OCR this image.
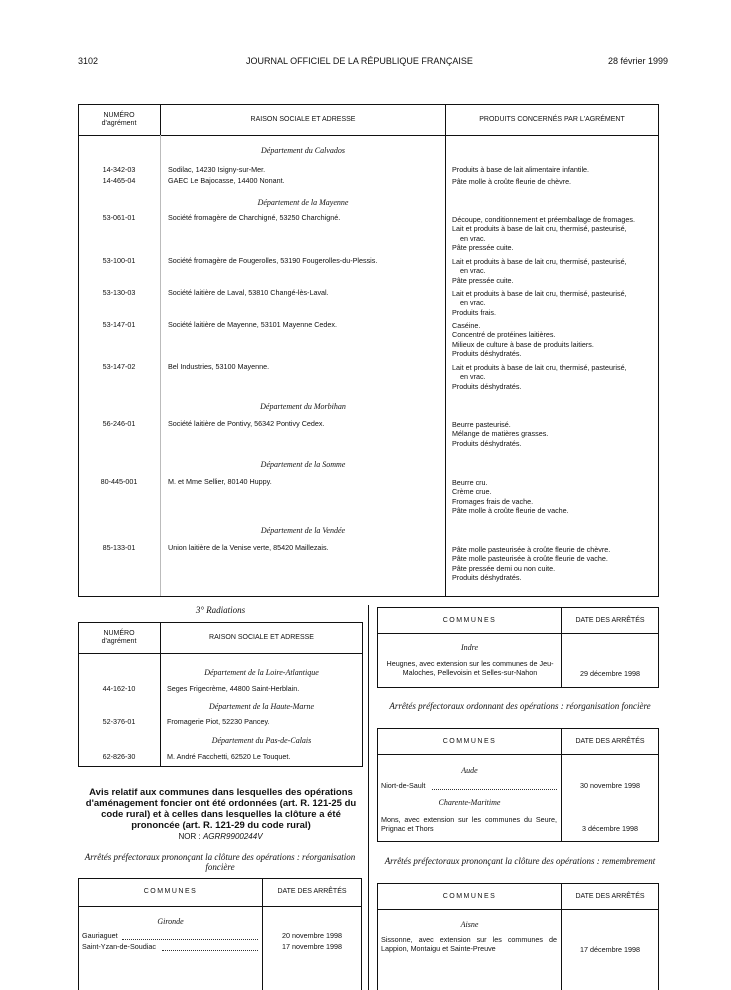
3102	JOURNAL OFFICIEL DE LA RÉPUBLIQUE FRANÇAISE	28 février 1999
NUMÉRO
d'agrément
RAISON SOCIALE ET ADRESSE	PRODUITS CONCERNÉS PAR L'AGRÉMENT
Département du Calvados
14-342-03	Sodilac, 14230 Isigny-sur-Mer.	Produits à base de lait alimentaire infantile.
14-465-04	GAEC Le Bajocasse, 14400 Nonant.	Pâte molle à croûte fleurie de chèvre.
Département de la Mayenne
53-061-01	Société fromagère de Charchigné, 53250 Charchigné.	Découpe, conditionnement et préemballage de fromages.
Lait et produits à base de lait cru, thermisé, pasteurisé,
en vrac.
Pâte pressée cuite.
53-100-01	Société fromagère de Fougerolles, 53190 Fougerolles-du-Plessis.	Lait et produits à base de lait cru, thermisé, pasteurisé,
en vrac.
Pâte pressée cuite.
53-130-03	Société laitière de Laval, 53810 Changé-lès-Laval.	Lait et produits à base de lait cru, thermisé, pasteurisé,
en vrac.
Produits frais.
53-147-01	Société laitière de Mayenne, 53101 Mayenne Cedex.	Caséine.
Concentré de protéines laitières.
Milieux de culture à base de produits laitiers.
Produits déshydratés.
53-147-02	Bel Industries, 53100 Mayenne.	Lait et produits à base de lait cru, thermisé, pasteurisé,
en vrac.
Produits déshydratés.
Département du Morbihan
56-246-01	Société laitière de Pontivy, 56342 Pontivy Cedex.	Beurre pasteurisé.
Mélange de matières grasses.
Produits déshydratés.
Département de la Somme
80-445-001	M. et Mme Sellier, 80140 Huppy.	Beurre cru.
Crème crue.
Fromages frais de vache.
Pâte molle à croûte fleurie de vache.
Département de la Vendée
85-133-01	Union laitière de la Venise verte, 85420 Maillezais.	Pâte molle pasteurisée à croûte fleurie de chèvre.
Pâte molle pasteurisée à croûte fleurie de vache.
Pâte pressée demi ou non cuite.
Produits déshydratés.
3° Radiations
NUMÉRO
d'agrément
RAISON SOCIALE ET ADRESSE
Département de la Loire-Atlantique
44-162-10	Seges Frigecrème, 44800 Saint-Herblain.
Département de la Haute-Marne
52-376-01	Fromagerie Piot, 52230 Pancey.
Département du Pas-de-Calais
62-826-30	M. André Facchetti, 62520 Le Touquet.
Avis relatif aux communes dans lesquelles des opérations d'aménagement foncier ont été ordonnées (art. R. 121-25 du code rural) et à celles dans lesquelles la clôture a été prononcée (art. R. 121-29 du code rural)
NOR : AGRR9900244V
Arrêtés préfectoraux prononçant la clôture des opérations : réorganisation foncière
COMMUNES	DATE DES ARRÊTÉS
Gironde
Gauriaguet	20 novembre 1998
Saint-Yzan-de-Soudiac	17 novembre 1998
COMMUNES	DATE DES ARRÊTÉS
Indre
Heugnes, avec extension sur les communes de Jeu-Maloches, Pellevoisin et Selles-sur-Nahon	29 décembre 1998
Arrêtés préfectoraux ordonnant des opérations : réorganisation foncière
COMMUNES	DATE DES ARRÊTÉS
Aude
Niort-de-Sault	30 novembre 1998
Charente-Maritime
Mons, avec extension sur les communes du Seure, Prignac et Thors	3 décembre 1998
Arrêtés préfectoraux prononçant la clôture des opérations : remembrement
COMMUNES	DATE DES ARRÊTÉS
Aisne
Sissonne, avec extension sur les communes de Lappion, Montaigu et Sainte-Preuve	17 décembre 1998
